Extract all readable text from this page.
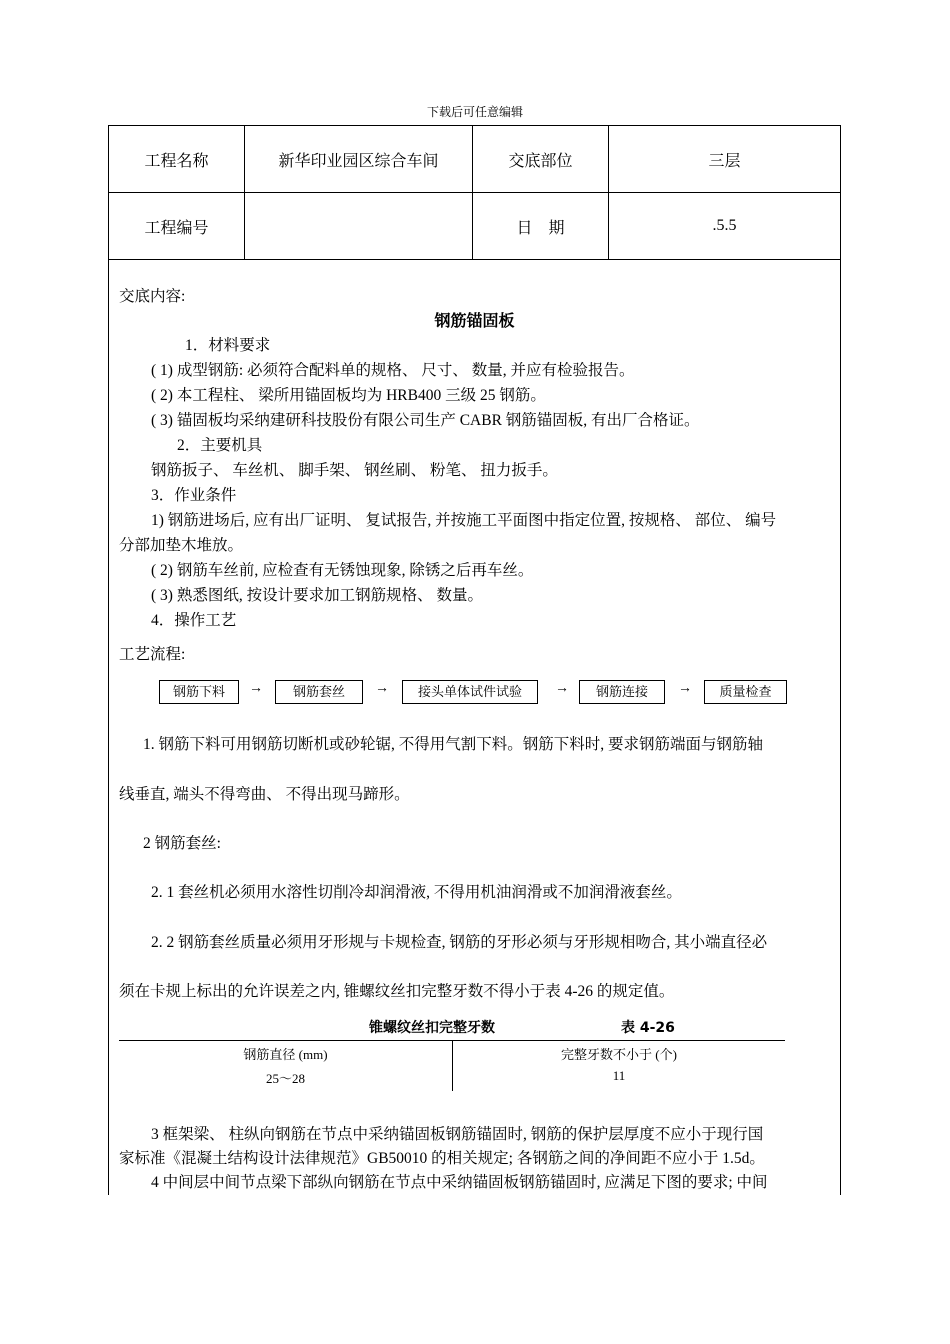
下载后可任意编辑
工程名称	新华印业园区综合车间	交底部位	三层
工程编号		日　期	.5.5
交底内容:
钢筋锚固板
1．材料要求
( 1) 成型钢筋: 必须符合配料单的规格、 尺寸、 数量, 并应有检验报告。
( 2) 本工程柱、 梁所用锚固板均为 HRB400 三级 25 钢筋。
( 3) 锚固板均采纳建研科技股份有限公司生产 CABR 钢筋锚固板, 有出厂合格证。
2．主要机具
钢筋扳子、 车丝机、 脚手架、 钢丝刷、 粉笔、 扭力扳手。
3．作业条件
1) 钢筋进场后, 应有出厂证明、 复试报告, 并按施工平面图中指定位置, 按规格、 部位、 编号
分部加垫木堆放。
( 2) 钢筋车丝前, 应检查有无锈蚀现象, 除锈之后再车丝。
( 3) 熟悉图纸, 按设计要求加工钢筋规格、 数量。
4．操作工艺
工艺流程:
钢筋下料	→	钢筋套丝	→	接头单体试件试验	→	钢筋连接	→	质量检查
1. 钢筋下料可用钢筋切断机或砂轮锯, 不得用气割下料。钢筋下料时, 要求钢筋端面与钢筋轴
线垂直, 端头不得弯曲、 不得出现马蹄形。
2 钢筋套丝:
2. 1 套丝机必须用水溶性切削冷却润滑液, 不得用机油润滑或不加润滑液套丝。
2. 2 钢筋套丝质量必须用牙形规与卡规检查, 钢筋的牙形必须与牙形规相吻合, 其小端直径必
须在卡规上标出的允许误差之内, 锥螺纹丝扣完整牙数不得小于表 4-26 的规定值。
锥螺纹丝扣完整牙数	表 4-26
钢筋直径 (mm)	完整牙数不小于 (个)
25～28	11
3 框架梁、 柱纵向钢筋在节点中采纳锚固板钢筋锚固时, 钢筋的保护层厚度不应小于现行国
家标准《混凝土结构设计法律规范》GB50010 的相关规定; 各钢筋之间的净间距不应小于 1.5d。
4 中间层中间节点梁下部纵向钢筋在节点中采纳锚固板钢筋锚固时, 应满足下图的要求; 中间
